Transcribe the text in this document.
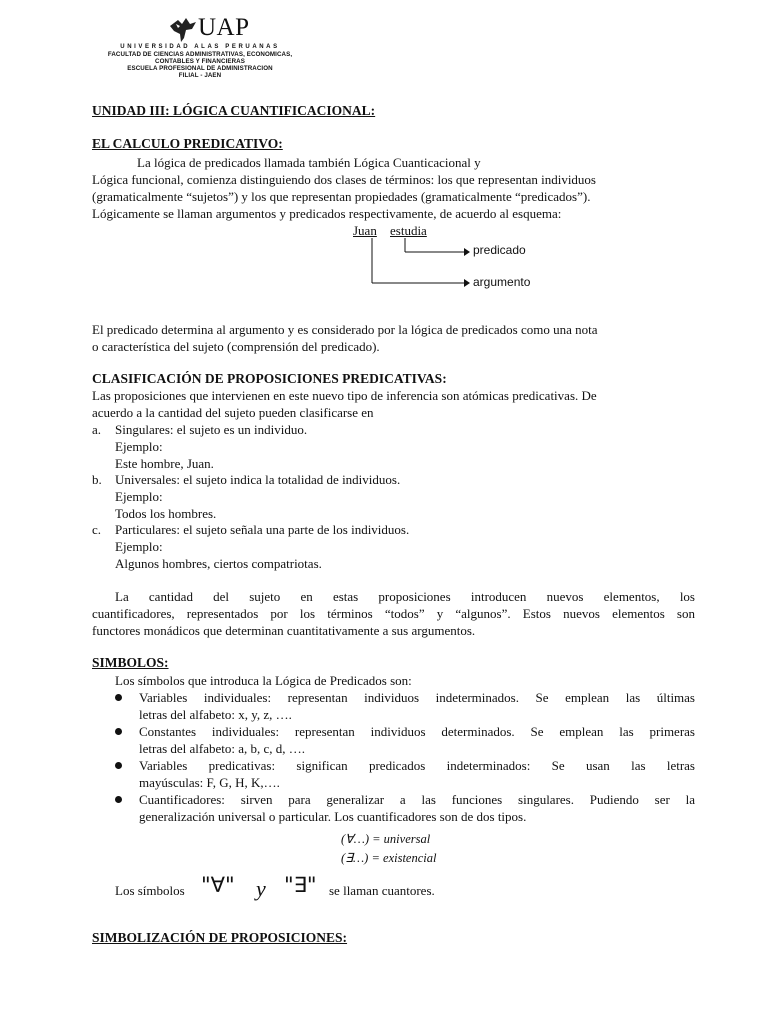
UAP
UNIVERSIDAD ALAS PERUANAS
FACULTAD DE CIENCIAS ADMINISTRATIVAS, ECONOMICAS,
CONTABLES Y FINANCIERAS
ESCUELA PROFESIONAL DE ADMINISTRACION
FILIAL - JAEN
UNIDAD III: LÓGICA CUANTIFICACIONAL:
EL CALCULO PREDICATIVO:
La lógica de predicados llamada también Lógica Cuanticacional y
Lógica funcional, comienza distinguiendo dos clases de términos: los que representan individuos
(gramaticalmente “sujetos”) y los que representan propiedades (gramaticalmente “predicados”).
Lógicamente se llaman argumentos y predicados respectivamente, de acuerdo al esquema:
Juan estudia
predicado
argumento
El predicado determina al argumento y es considerado por la lógica de predicados como una nota
o característica del sujeto (comprensión del predicado).
CLASIFICACIÓN DE PROPOSICIONES PREDICATIVAS:
Las proposiciones que intervienen en este nuevo tipo de inferencia son atómicas predicativas. De
acuerdo a la cantidad del sujeto pueden clasificarse en
a. Singulares: el sujeto es un individuo.
Ejemplo:
Este hombre, Juan.
b. Universales: el sujeto indica la totalidad de individuos.
Ejemplo:
Todos los hombres.
c. Particulares: el sujeto señala una parte de los individuos.
Ejemplo:
Algunos hombres, ciertos compatriotas.
La cantidad del sujeto en estas proposiciones introducen nuevos elementos, los
cuantificadores, representados por los términos “todos” y “algunos”. Estos nuevos elementos son
functores monádicos que determinan cuantitativamente a sus argumentos.
SIMBOLOS:
Los símbolos que introduca la Lógica de Predicados son:
Variables individuales: representan individuos indeterminados. Se emplean las últimas
letras del alfabeto: x, y, z, ….
Constantes individuales: representan individuos determinados. Se emplean las primeras
letras del alfabeto: a, b, c, d, ….
Variables predicativas: significan predicados indeterminados: Se usan las letras
mayúsculas: F, G, H, K,….
Cuantificadores: sirven para generalizar a las funciones singulares. Pudiendo ser la
generalización universal o particular. Los cuantificadores son de dos tipos.
(∀…) = universal
(∃…) = existencial
Los símbolos "∀" y "∃" se llaman cuantores.
SIMBOLIZACIÓN DE PROPOSICIONES:
